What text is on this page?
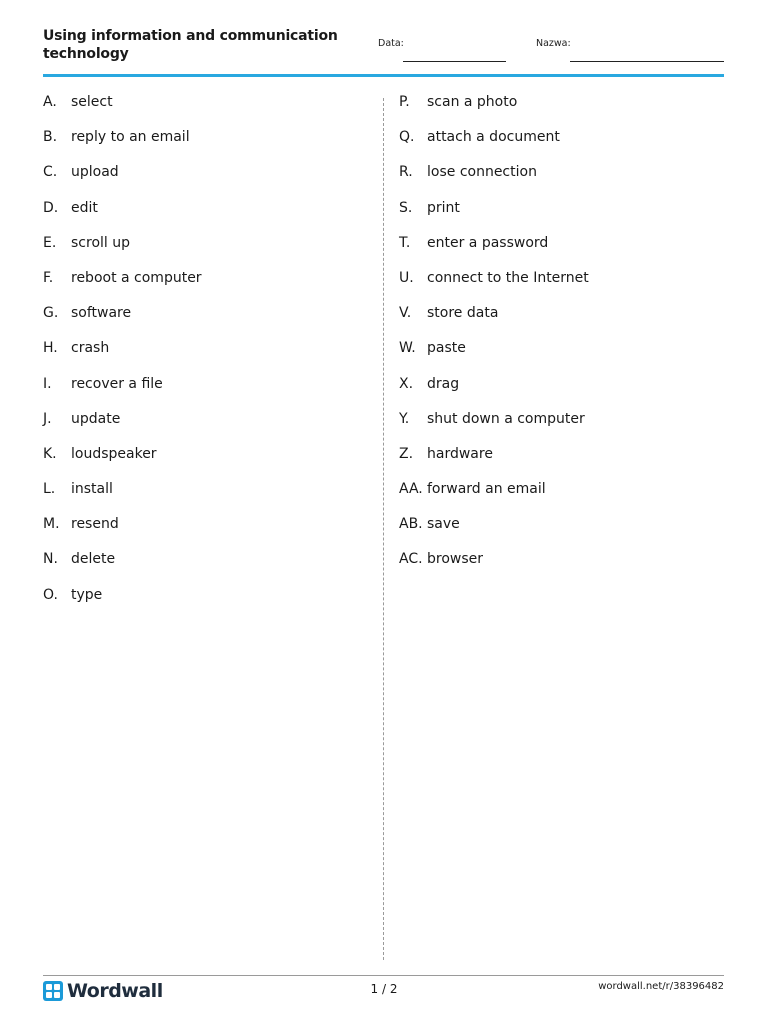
Using information and communication technology
Data:	Nazwa:
A.	select
B. reply to an email
C. upload
D. edit
E.	scroll up
F.	reboot a computer
G. software
H. crash
I.	recover a file
J.	update
K.	loudspeaker
L.	install
M. resend
N. delete
O. type
P.	scan a photo
Q. attach a document
R.	lose connection
S.	print
T.	enter a password
U. connect to the Internet
V.	store data
W. paste
X. drag
Y.	shut down a computer
Z. hardware
AA. forward an email
AB. save
AC. browser
Wordwall	1 / 2	wordwall.net/r/38396482
